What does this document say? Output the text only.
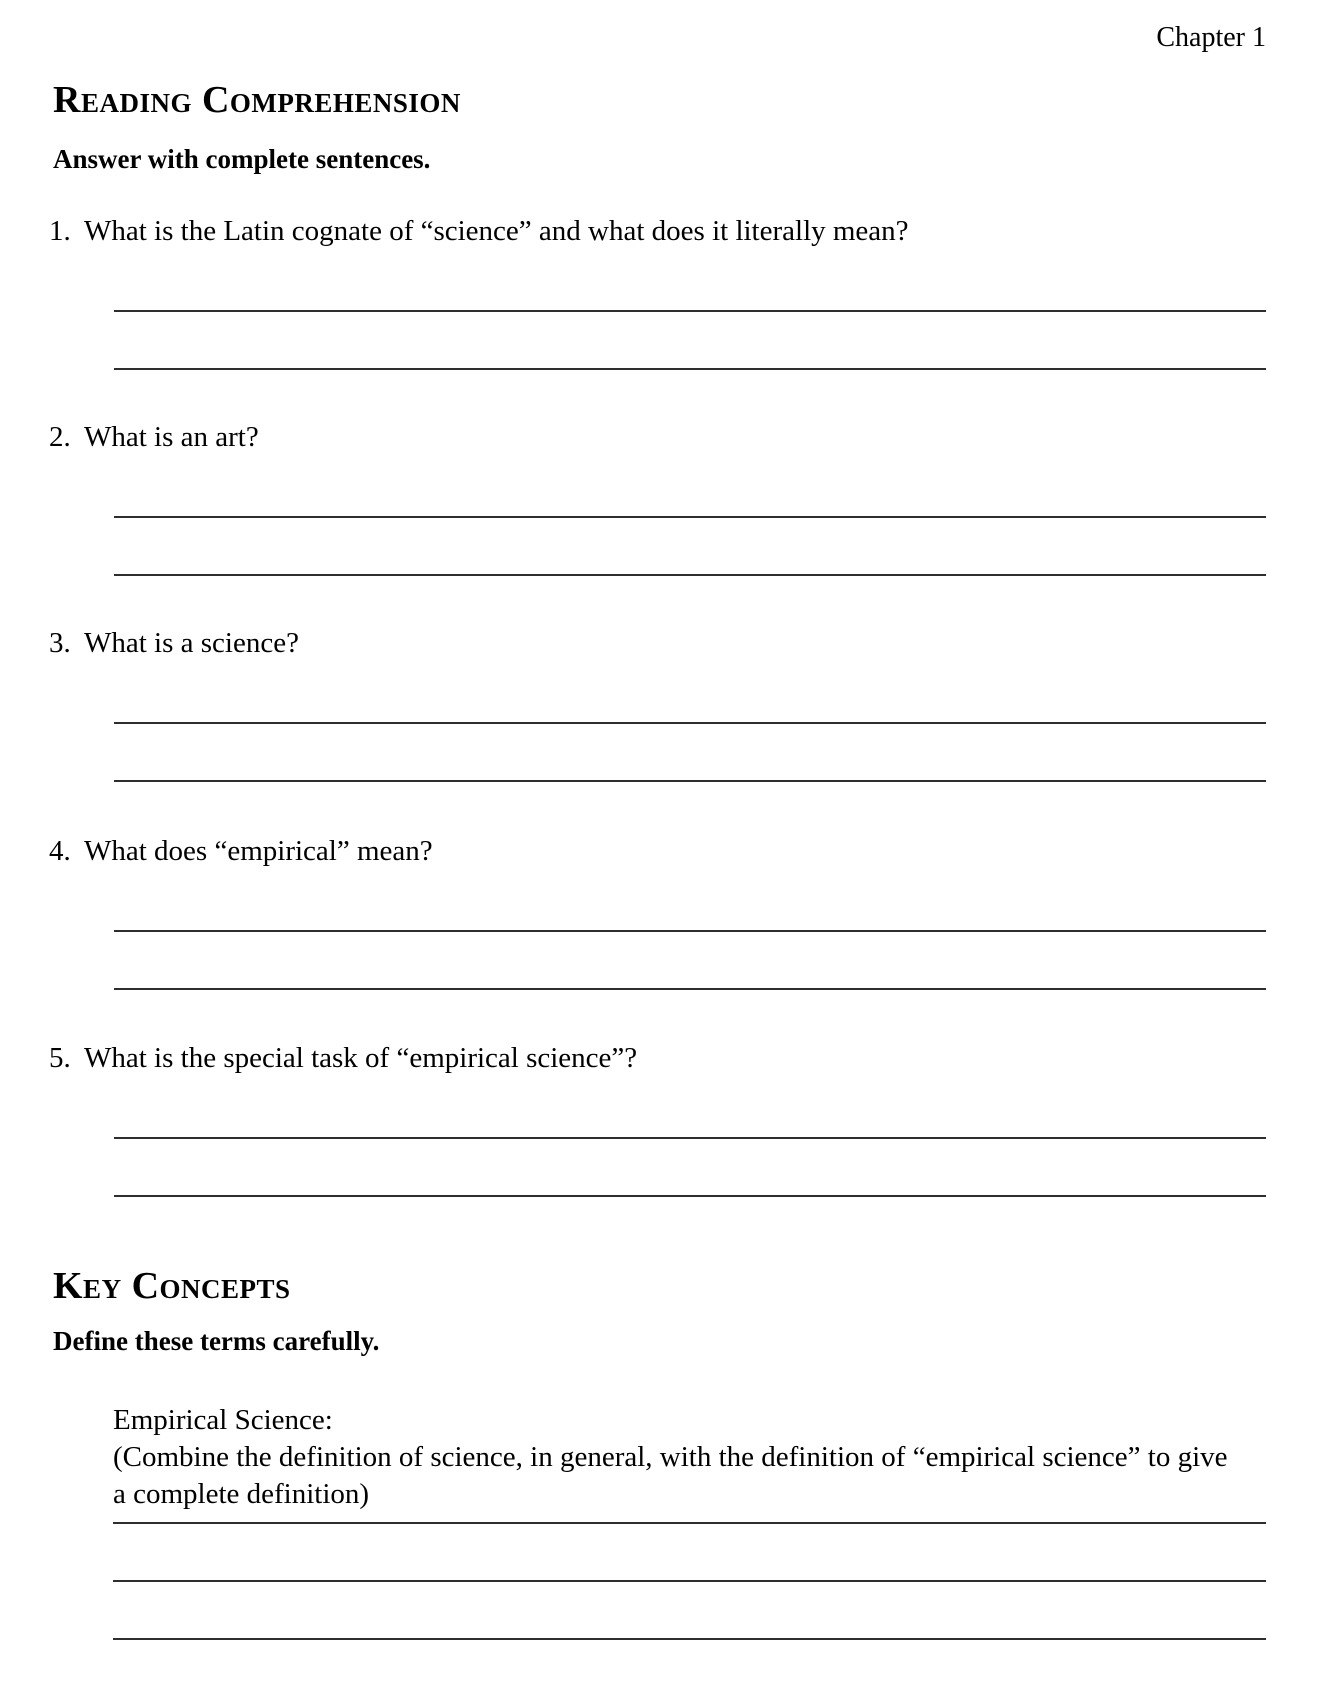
Chapter 1
Reading Comprehension
Answer with complete sentences.
1. What is the Latin cognate of “science” and what does it literally mean?
2. What is an art?
3. What is a science?
4. What does “empirical” mean?
5. What is the special task of “empirical science”?
Key Concepts
Define these terms carefully.
Empirical Science:
(Combine the definition of science, in general, with the definition of “empirical science” to give a complete definition)
